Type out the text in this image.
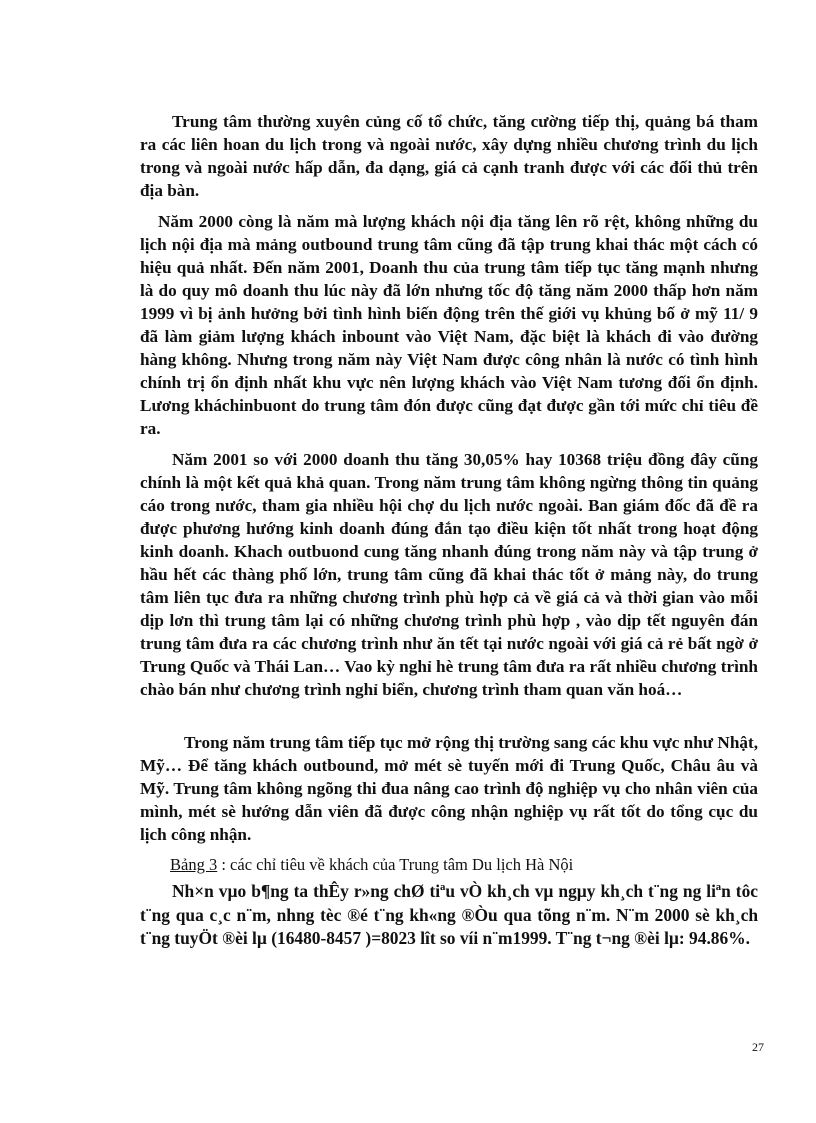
Trung tâm thường xuyên củng cố tổ chức, tăng cường tiếp thị, quảng bá tham ra các liên hoan du lịch trong và ngoài nước, xây dựng nhiều chương trình du lịch trong và ngoài nước hấp dẫn, đa dạng, giá cả cạnh tranh được với các đối thủ trên địa bàn.

Năm 2000 còng là năm mà lượng khách nội địa tăng lên rõ rệt, không những du lịch nội địa mà mảng outbound trung tâm cũng đã tập trung khai thác một cách có hiệu quả nhất. Đến năm 2001, Doanh thu của trung tâm tiếp tục tăng mạnh nhưng là do quy mô doanh thu lúc này đã lớn nhưng tốc độ tăng năm 2000 thấp hơn năm 1999 vì bị ảnh hưởng bởi tình hình biến động trên thế giới vụ khủng bố ở mỹ 11/ 9 đã làm giảm lượng khách inbount vào Việt Nam, đặc biệt là khách đi vào đường hàng không. Nhưng trong năm này Việt Nam được công nhân là nước có tình hình chính trị ổn định nhất khu vực nên lượng khách vào Việt Nam tương đối ổn định. Lương kháchinbuont do trung tâm đón được cũng đạt được gần tới mức chỉ tiêu đề ra.

Năm 2001 so với 2000 doanh thu tăng 30,05% hay 10368 triệu đồng đây cũng chính là một kết quả khả quan. Trong năm trung tâm không ngừng thông tin quảng cáo trong nước, tham gia nhiều hội chợ du lịch nước ngoài. Ban giám đốc đã đề ra được phương hướng kinh doanh đúng đắn tạo điều kiện tốt nhất trong hoạt động kinh doanh. Khach outbuond cung tăng nhanh đúng trong năm này và tập trung ở hầu hết các thàng phố lớn, trung tâm cũng đã khai thác tốt ở mảng này, do trung tâm liên tục đưa ra những chương trình phù hợp cả về giá cả và thời gian vào mỗi dịp lơn thì trung tâm lại có những chương trình phù hợp , vào dịp tết nguyên đán trung tâm đưa ra các chương trình như ăn tết tại nước ngoài với giá cả rẻ bất ngờ ở Trung Quốc và Thái Lan… Vao kỳ nghỉ hè trung tâm đưa ra rất nhiều chương trình chào bán như chương trình nghỉ biển, chương trình tham quan văn hoá…

Trong năm trung tâm tiếp tục mở rộng thị trường sang các khu vực như Nhật, Mỹ… Để tăng khách outbound, mở mét sè tuyến mới đi Trung Quốc, Châu âu và Mỹ. Trung tâm không ngõng thi đua nâng cao trình độ nghiệp vụ cho nhân viên của mình, mét sè hướng dẫn viên đã được công nhận nghiệp vụ rất tốt do tổng cục du lịch công nhận.

Bảng 3 : các chỉ tiêu về khách của Trung tâm Du lịch Hà Nội

Nh×n vµo b¶ng ta thÊy r»ng chØ tiªu vÒ kh¸ch vµ ngµy kh¸ch t¨ng ng liªn tôc t¨ng qua c¸c n¨m, nhng tèc ®é t¨ng kh«ng ®Òu qua tõng n¨m. N¨m 2000 sè kh¸ch t¨ng tuyÖt ®èi lµ (16480-8457 )=8023 lît so víi n¨m1999. T¨ng t¬ng ®èi lµ: 94.86%.

27
